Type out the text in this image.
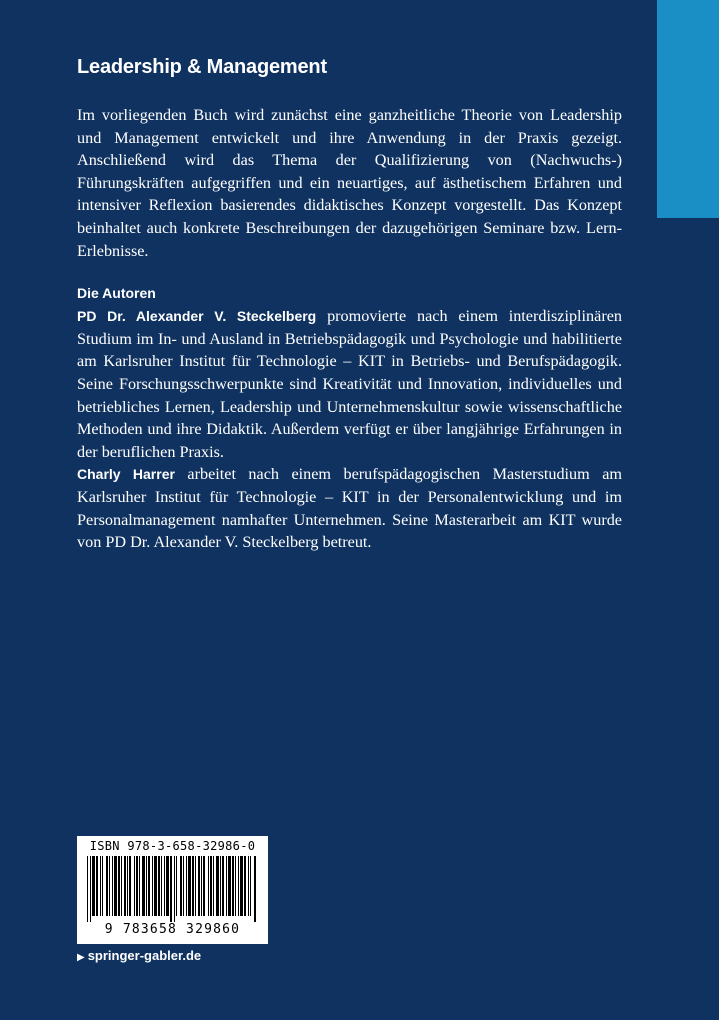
Leadership & Management

Im vorliegenden Buch wird zunächst eine ganzheitliche Theorie von Leadership und Management entwickelt und ihre Anwendung in der Praxis gezeigt. Anschließend wird das Thema der Qualifizierung von (Nachwuchs-) Führungskräften aufgegriffen und ein neuartiges, auf ästhetischem Erfahren und intensiver Reflexion basierendes didaktisches Konzept vorgestellt. Das Konzept beinhaltet auch konkrete Beschreibungen der dazugehörigen Seminare bzw. Lern-Erlebnisse.

Die Autoren

PD Dr. Alexander V. Steckelberg promovierte nach einem interdisziplinären Studium im In- und Ausland in Betriebspädagogik und Psychologie und habilitierte am Karlsruher Institut für Technologie – KIT in Betriebs- und Berufspädagogik. Seine Forschungsschwerpunkte sind Kreativität und Innovation, individuelles und betriebliches Lernen, Leadership und Unternehmenskultur sowie wissenschaftliche Methoden und ihre Didaktik. Außerdem verfügt er über langjährige Erfahrungen in der beruflichen Praxis.

Charly Harrer arbeitet nach einem berufspädagogischen Masterstudium am Karlsruher Institut für Technologie – KIT in der Personalentwicklung und im Personalmanagement namhafter Unternehmen. Seine Masterarbeit am KIT wurde von PD Dr. Alexander V. Steckelberg betreut.

ISBN 978-3-658-32986-0
9 783658 329860
▶ springer-gabler.de
